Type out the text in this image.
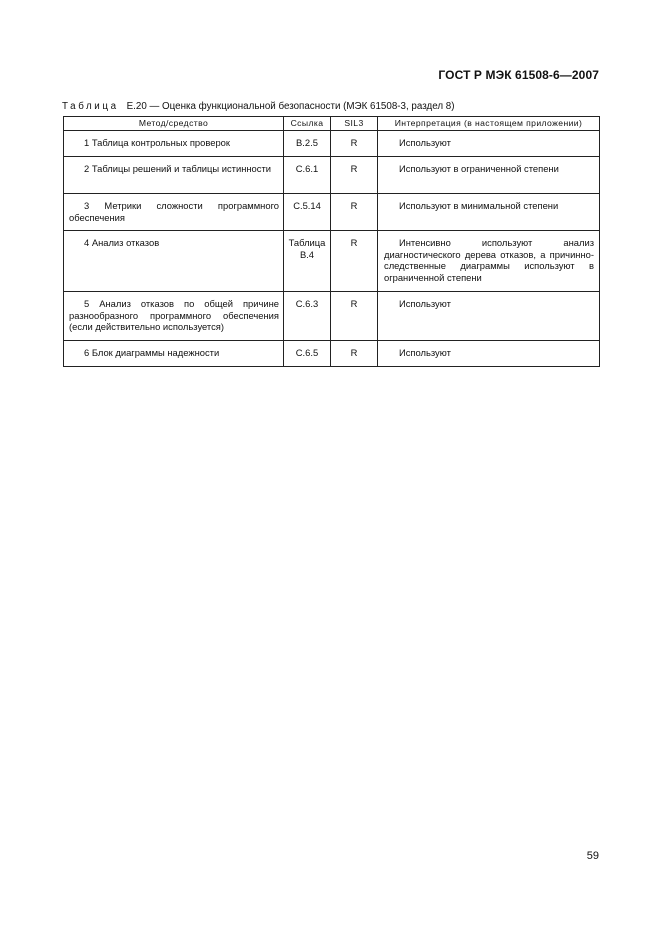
ГОСТ Р МЭК 61508-6—2007
Таблица E.20 — Оценка функциональной безопасности (МЭК 61508-3, раздел 8)
Метод/средство	Ссылка	SIL3	Интерпретация (в настоящем приложении)
1 Таблица контрольных проверок	B.2.5	R	Используют
2 Таблицы решений и таблицы истинности	C.6.1	R	Используют в ограниченной степени
3 Метрики сложности программного обеспечения	C.5.14	R	Используют в минимальной степени
4 Анализ отказов	Таблица B.4	R	Интенсивно используют анализ диагностического дерева отказов, а причинно-следственные диаграммы используют в ограниченной степени
5 Анализ отказов по общей причине разнообразного программного обеспечения (если действительно используется)	C.6.3	R	Используют
6 Блок диаграммы надежности	C.6.5	R	Используют
59
